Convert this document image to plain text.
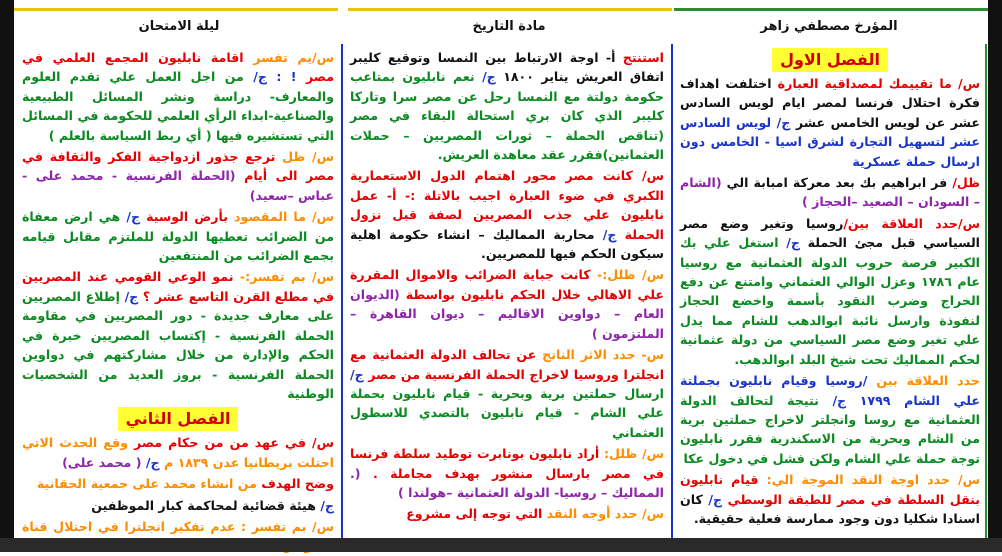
المؤرخ مصطفي زاهر
مادة التاريخ
ليلة الامتحان
الفصل الاول

س/ ما تقييمك لمصداقية العبارة اختلفت اهداف فكرة احتلال فرنسا لمصر ايام لويس السادس عشر عن لويس الخامس عشر ج/ لويس السادس عشر لتسهيل التجارة لشرق اسيا - الخامس دون ارسال حملة عسكرية

ظل/ فر ابراهيم بك بعد معركة امبابة الي (الشام – السودان – الصعيد –الحجاز )

س/حدد العلاقة بين/روسيا وتغير وضع مصر السياسي قبل مجئ الحملة ج/ استغل علي بك الكبير فرصة حروب الدولة العثمانية مع روسيا عام ١٧٨٦ وعزل الوالي العثماني وامتنع عن دفع الخراج وضرب النقود بأسمة واخضع الحجاز لنفوذة وارسل نائبة ابوالدهب للشام مما يدل علي تغير وضع مصر السياسي من دولة عثمانية لحكم المماليك تحت شيخ البلد ابوالدهب.

حدد العلاقة بين /روسيا وقيام نابليون بجملتة علي الشام ١٧٩٩ ج/ نتيجة لتحالف الدولة العثمانية مع روسا وانجلتر لاخراج حملتين برية من الشام وبحرية من الاسكندرية فقرر نابليون توجة حملة علي الشام ولكن فشل في دخول عكا

س/ حدد اوجة النقد الموجة الي: قيام نابليون بنقل السلطة في مصر للطبقة الوسطي ج/ كان اسنادا شكليا دون وجود ممارسة فعلية حقيقية.

استنتج أ- اوجة الارتباط بين النمسا وتوقيع كليبر اتفاق العريش يناير ١٨٠٠ ج/ نعم نابليون بمتاعب حكومة دولتة مع النمسا رحل عن مصر سرا وتاركا كليبر الذي كان بري استحالة البقاء في مصر (تناقص الحملة – ثورات المصريين – حملات العثمانين)فقرر عقد معاهدة العريش.

س/ كانت مصر محور اهتمام الدول الاستعمارية الكبري في ضوء العبارة اجيب بالاتلة :- أ- عمل نابليون علي جذب المصريين لصفة قبل نزول الحملة ج/ محاربة المماليك – انشاء حكومة اهلية سيكون الحكم فيها للمصريين.

س/ ظلل:- كانت جباية الضرائب والاموال المقررة علي الاهالي خلال الحكم نابليون بواسطة (الديوان العام – دواوين الاقاليم – ديوان القاهرة – الملتزمون )

س- حدد الاثر الناتج عن تحالف الدولة العثمانية مع انجلترا وروسيا لاخراج الحملة الفرنسية من مصر ج/ ارسال حملتين برية وبحرية - قيام نابليون بحملة علي الشام - قيام نابليون بالتصدي للاسطول العثماني

س/ ظلل: أراد نابليون بونابرت توطيد سلطة فرنسا في مصر بارسال منشور بهدف مجاملة . (. المماليك – روسيا- الدولة العثمانية –هولندا )

س/ حدد أوجه النقد التي توجه إلى مشروع

س/يم تفسر اقامة نابليون المجمع العلمي في مصر ! : ج/ من اجل العمل علي تقدم العلوم والمعارف- دراسة ونشر المسائل الطبيعية والصناعية-ابداء الرأي العلمي للحكومة في المسائل التي تستشيره فيها ( أي ربط السياسة بالعلم )

س/ ظل ترجع جذور ازدواجية الفكر والثقافة في مصر الى أيام (الحملة الفرنسية - محمد على - عباس –سعيد)

س/ ما المقصود بأرض الوسية ج/ هي ارض معفاة من الضرائب تعطيها الدولة للملتزم مقابل قيامه بجمع الضرائب من المنتفعين

س/ بم تفسر:- نمو الوعي القومي عند المصريين في مطلع القرن التاسع عشر ؟ ج/ إطلاع المصريين على معارف جديدة - دور المصريين في مقاومة الحملة الفرنسية - إكتساب المصريين خبرة في الحكم والإدارة من خلال مشاركتهم في دواوين الحملة الفرنسية - بروز العديد من الشخصيات الوطنية

الفصل الثاني

س/ في عهد من من حكام مصر وقع الحدث الاتي احتلت بريطانيا عدن ١٨٣٩ م ج/ ( محمد على)

وضح الهدف من انشاء محمد على جمعية الحقانية

ج/ هيئة قضائية لمحاكمة كبار الموظفين

س/ بم تفسر : عدم تفكير انجلترا في احتلال قناة
